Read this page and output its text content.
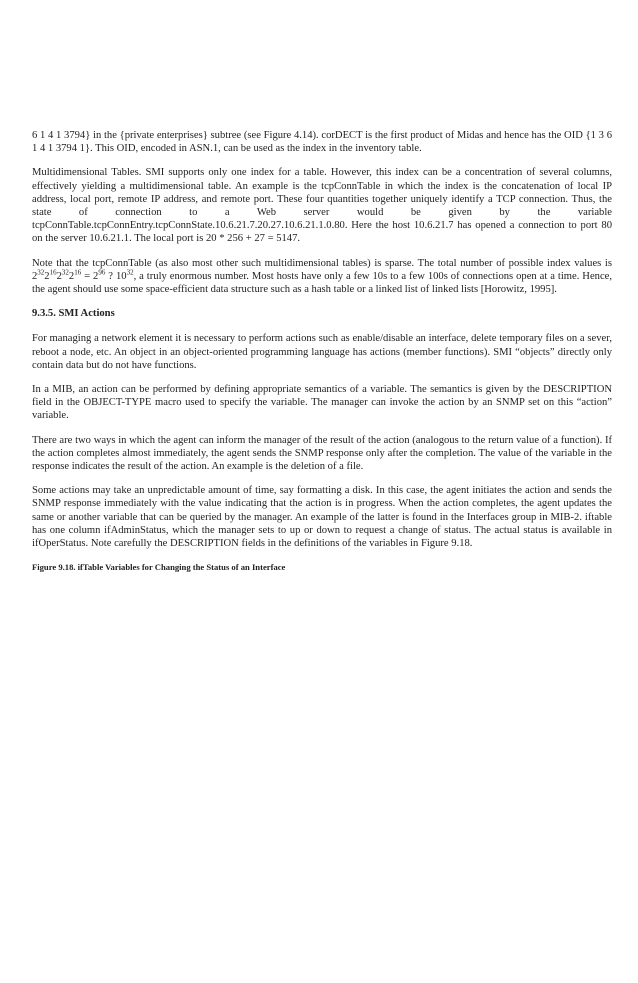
6 1 4 1 3794} in the {private enterprises} subtree (see Figure 4.14). corDECT is the first product of Midas and hence has the OID {1 3 6 1 4 1 3794 1}. This OID, encoded in ASN.1, can be used as the index in the inventory table.

Multidimensional Tables. SMI supports only one index for a table. However, this index can be a concentration of several columns, effectively yielding a multidimensional table. An example is the tcpConnTable in which the index is the concatenation of local IP address, local port, remote IP address, and remote port. These four quantities together uniquely identify a TCP connection. Thus, the state of connection to a Web server would be given by the variable tcpConnTable.tcpConnEntry.tcpConnState.10.6.21.7.20.27.10.6.21.1.0.80. Here the host 10.6.21.7 has opened a connection to port 80 on the server 10.6.21.1. The local port is 20 * 256 + 27 = 5147.

Note that the tcpConnTable (as also most other such multidimensional tables) is sparse. The total number of possible index values is $2^{32}2^{16}2^{32}2^{16} = 2^{96}$ ? $10^{32}$, a truly enormous number. Most hosts have only a few 10s to a few 100s of connections open at a time. Hence, the agent should use some space-efficient data structure such as a hash table or a linked list of linked lists [Horowitz, 1995].

9.3.5. SMI Actions

For managing a network element it is necessary to perform actions such as enable/disable an interface, delete temporary files on a sever, reboot a node, etc. An object in an object-oriented programming language has actions (member functions). SMI “objects” directly only contain data but do not have functions.

In a MIB, an action can be performed by defining appropriate semantics of a variable. The semantics is given by the DESCRIPTION field in the OBJECT-TYPE macro used to specify the variable. The manager can invoke the action by an SNMP set on this “action” variable.

There are two ways in which the agent can inform the manager of the result of the action (analogous to the return value of a function). If the action completes almost immediately, the agent sends the SNMP response only after the completion. The value of the variable in the response indicates the result of the action. An example is the deletion of a file.

Some actions may take an unpredictable amount of time, say formatting a disk. In this case, the agent initiates the action and sends the SNMP response immediately with the value indicating that the action is in progress. When the action completes, the agent updates the same or another variable that can be queried by the manager. An example of the latter is found in the Interfaces group in MIB-2. iftable has one column ifAdminStatus, which the manager sets to up or down to request a change of status. The actual status is available in ifOperStatus. Note carefully the DESCRIPTION fields in the definitions of the variables in Figure 9.18.

Figure 9.18. ifTable Variables for Changing the Status of an Interface
